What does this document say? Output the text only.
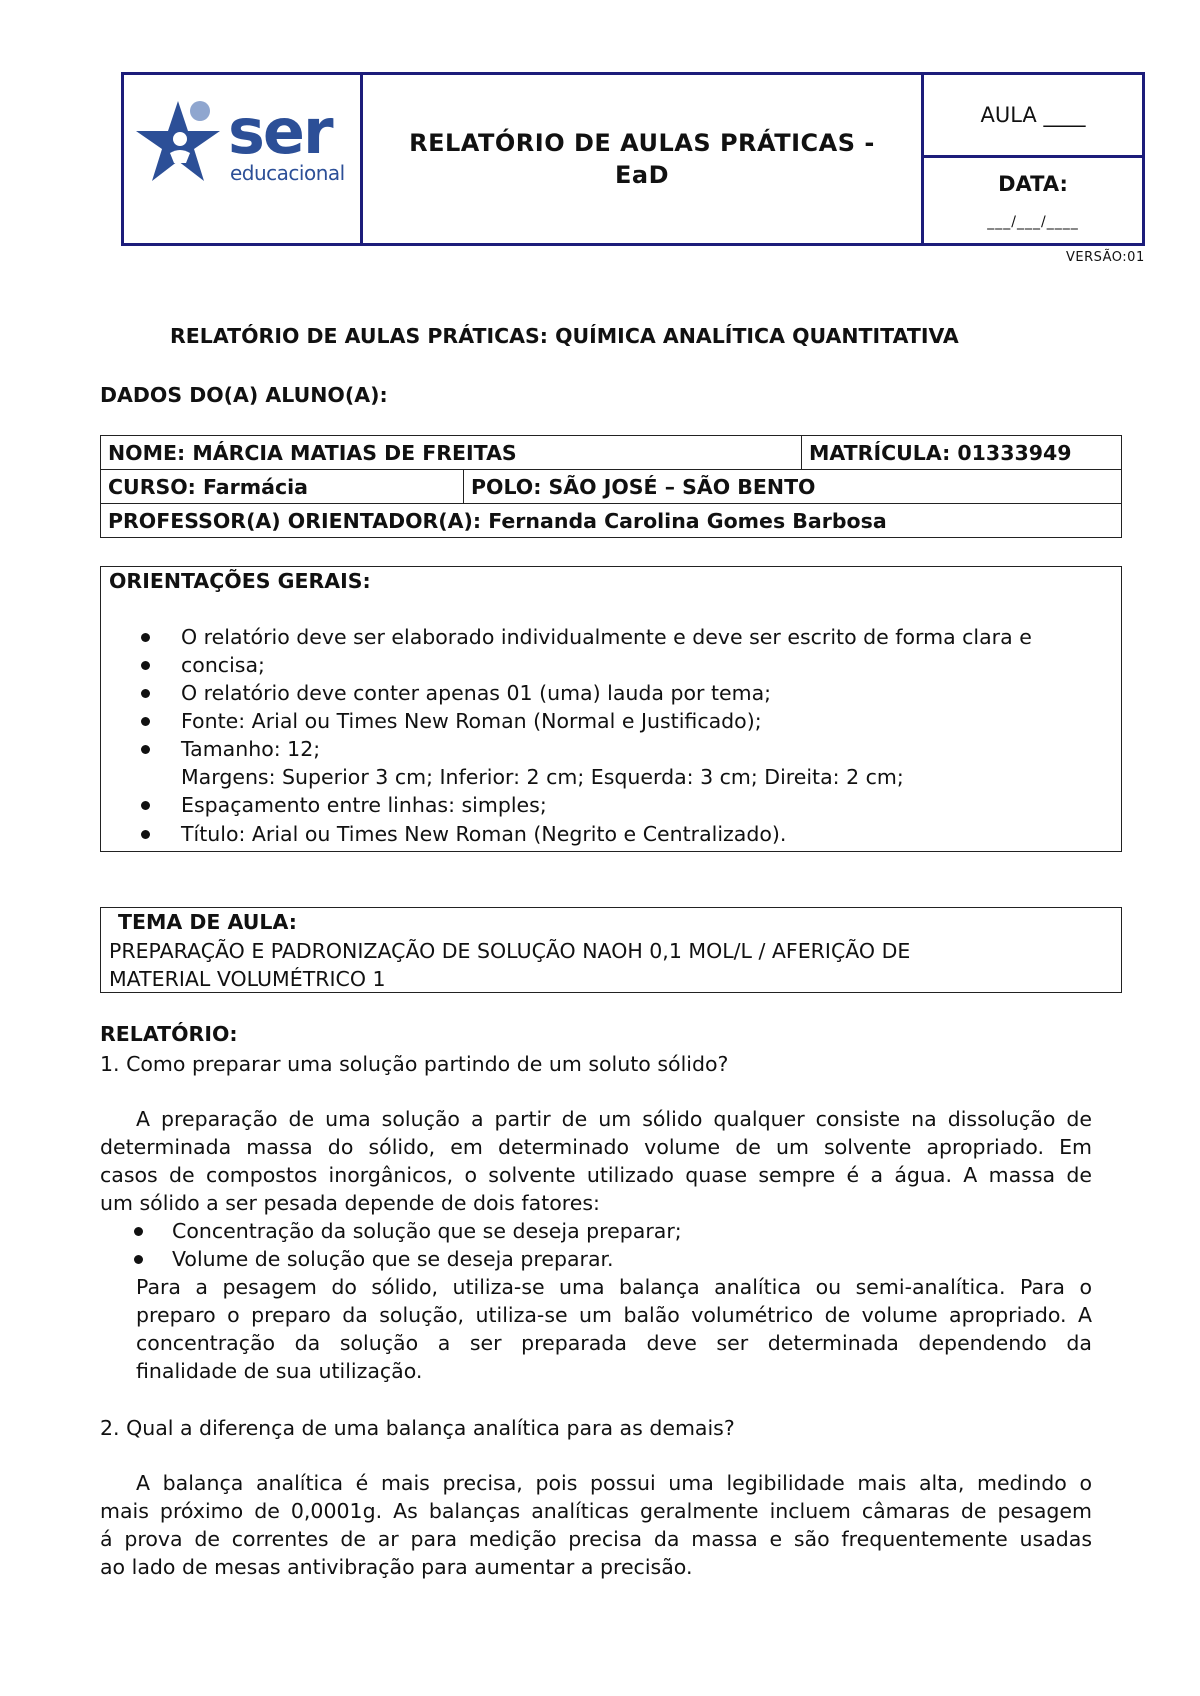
ser
educacional
RELATÓRIO DE AULAS PRÁTICAS -
EaD
AULA ____
DATA:
___/___/____
VERSÃO:01
RELATÓRIO DE AULAS PRÁTICAS: QUÍMICA ANALÍTICA QUANTITATIVA
DADOS DO(A) ALUNO(A):
NOME: MÁRCIA MATIAS DE FREITAS	MATRÍCULA: 01333949
CURSO: Farmácia	POLO: SÃO JOSÉ – SÃO BENTO
PROFESSOR(A) ORIENTADOR(A): Fernanda Carolina Gomes Barbosa
ORIENTAÇÕES GERAIS:
O relatório deve ser elaborado individualmente e deve ser escrito de forma clara e
concisa;
O relatório deve conter apenas 01 (uma) lauda por tema;
Fonte: Arial ou Times New Roman (Normal e Justificado);
Tamanho: 12;
Margens: Superior 3 cm; Inferior: 2 cm; Esquerda: 3 cm; Direita: 2 cm;
Espaçamento entre linhas: simples;
Título: Arial ou Times New Roman (Negrito e Centralizado).
TEMA DE AULA:
PREPARAÇÃO E PADRONIZAÇÃO DE SOLUÇÃO NAOH 0,1 MOL/L / AFERIÇÃO DE
MATERIAL VOLUMÉTRICO 1
RELATÓRIO:
1. Como preparar uma solução partindo de um soluto sólido?
A preparação de uma solução a partir de um sólido qualquer consiste na dissolução de
determinada massa do sólido, em determinado volume de um solvente apropriado. Em
casos de compostos inorgânicos, o solvente utilizado quase sempre é a água. A massa de
um sólido a ser pesada depende de dois fatores:
Concentração da solução que se deseja preparar;
Volume de solução que se deseja preparar.
Para a pesagem do sólido, utiliza-se uma balança analítica ou semi-analítica. Para o
preparo o preparo da solução, utiliza-se um balão volumétrico de volume apropriado. A
concentração da solução a ser preparada deve ser determinada dependendo da
finalidade de sua utilização.
2. Qual a diferença de uma balança analítica para as demais?
A balança analítica é mais precisa, pois possui uma legibilidade mais alta, medindo o
mais próximo de 0,0001g. As balanças analíticas geralmente incluem câmaras de pesagem
á prova de correntes de ar para medição precisa da massa e são frequentemente usadas
ao lado de mesas antivibração para aumentar a precisão.
